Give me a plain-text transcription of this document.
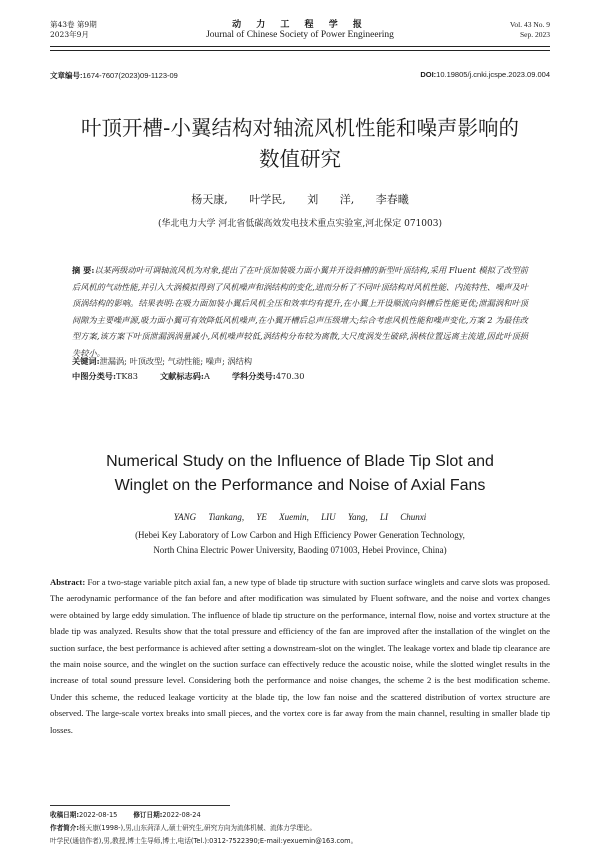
第43卷 第9期
2023年9月
动 力 工 程 学 报
Journal of Chinese Society of Power Engineering
Vol. 43 No. 9
Sep. 2023
文章编号:1674-7607(2023)09-1123-09	DOI:10.19805/j.cnki.jcspe.2023.09.004
叶顶开槽-小翼结构对轴流风机性能和噪声影响的
数值研究
杨天康, 叶学民, 刘 洋, 李春曦
(华北电力大学 河北省低碳高效发电技术重点实验室,河北保定 071003)
摘 要:以某两级动叶可调轴流风机为对象,提出了在叶顶加装吸力面小翼并开设斜槽的新型叶顶结构,采用 Fluent 模拟了改型前后风机的气动性能,并引入大涡模拟得到了风机噪声和涡结构的变化,进而分析了不同叶顶结构对风机性能、内流特性、噪声及叶顶涡结构的影响。结果表明:在吸力面加装小翼后风机全压和效率均有提升,在小翼上开设顺流向斜槽后性能更优;泄漏涡和叶顶间隙为主要噪声源,吸力面小翼可有效降低风机噪声,在小翼开槽后总声压级增大;综合考虑风机性能和噪声变化,方案 2 为最佳改型方案,该方案下叶顶泄漏涡涡量减小,风机噪声较低,涡结构分布较为离散,大尺度涡发生破碎,涡核位置远离主流道,因此叶顶损失较小。
关键词:泄漏涡; 叶顶改型; 气动性能; 噪声; 涡结构
中图分类号:TK83	文献标志码:A	学科分类号:470.30
Numerical Study on the Influence of Blade Tip Slot and
Winglet on the Performance and Noise of Axial Fans
YANG Tiankang, YE Xuemin, LIU Yang, LI Chunxi
(Hebei Key Laboratory of Low Carbon and High Efficiency Power Generation Technology,
North China Electric Power University, Baoding 071003, Hebei Province, China)
Abstract: For a two-stage variable pitch axial fan, a new type of blade tip structure with suction surface winglets and carve slots was proposed. The aerodynamic performance of the fan before and after modification was simulated by Fluent software, and the noise and vortex changes were obtained by large eddy simulation. The influence of blade tip structure on the performance, internal flow, noise and vortex structure at the blade tip was analyzed. Results show that the total pressure and efficiency of the fan are improved after the installation of the winglet on the suction surface, the best performance is achieved after setting a downstream-slot on the winglet. The leakage vortex and blade tip clearance are the main noise source, and the winglet on the suction surface can effectively reduce the acoustic noise, while the slotted winglet results in the increase of total sound pressure level. Considering both the performance and noise changes, the scheme 2 is the best modification scheme. Under this scheme, the reduced leakage vorticity at the blade tip, the low fan noise and the scattered distribution of vortex structure are observed. The large-scale vortex breaks into small pieces, and the vortex core is far away from the main channel, resulting in smaller blade tip losses.
收稿日期:2022-08-15 修订日期:2022-08-24
作者简介:杨天康(1998-),男,山东菏泽人,硕士研究生,研究方向为流体机械、流体力学理论。
叶学民(通信作者),男,教授,博士生导师,博士,电话(Tel.):0312-7522390;E-mail:yexuemin@163.com。
